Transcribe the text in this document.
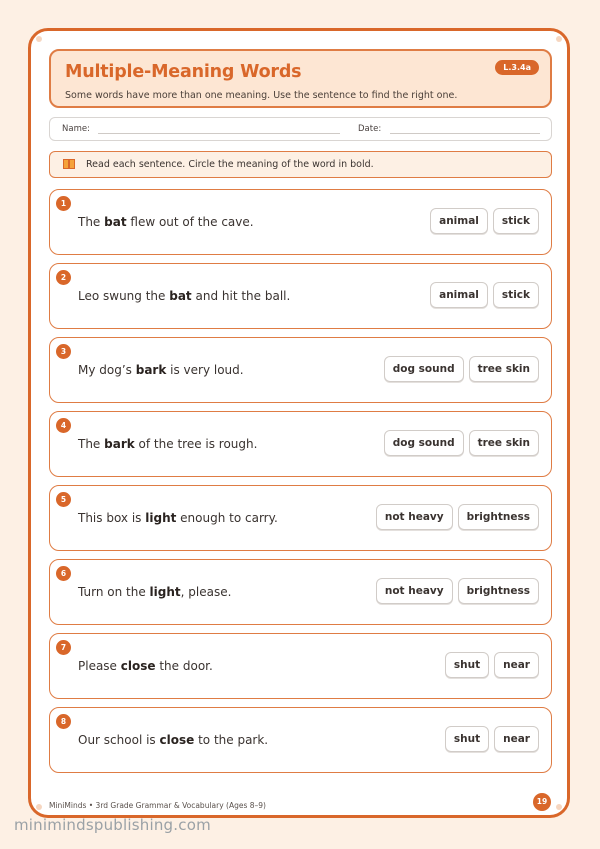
Multiple-Meaning Words
Some words have more than one meaning. Use the sentence to find the right one.
L.3.4a
Name:	Date:
Read each sentence. Circle the meaning of the word in bold.
1
The bat flew out of the cave.	animal	stick
2
Leo swung the bat and hit the ball.	animal	stick
3
My dog’s bark is very loud.	dog sound	tree skin
4
The bark of the tree is rough.	dog sound	tree skin
5
This box is light enough to carry.	not heavy	brightness
6
Turn on the light, please.	not heavy	brightness
7
Please close the door.	shut	near
8
Our school is close to the park.	shut	near
MiniMinds • 3rd Grade Grammar & Vocabulary (Ages 8–9)	19
minimindspublishing.com
